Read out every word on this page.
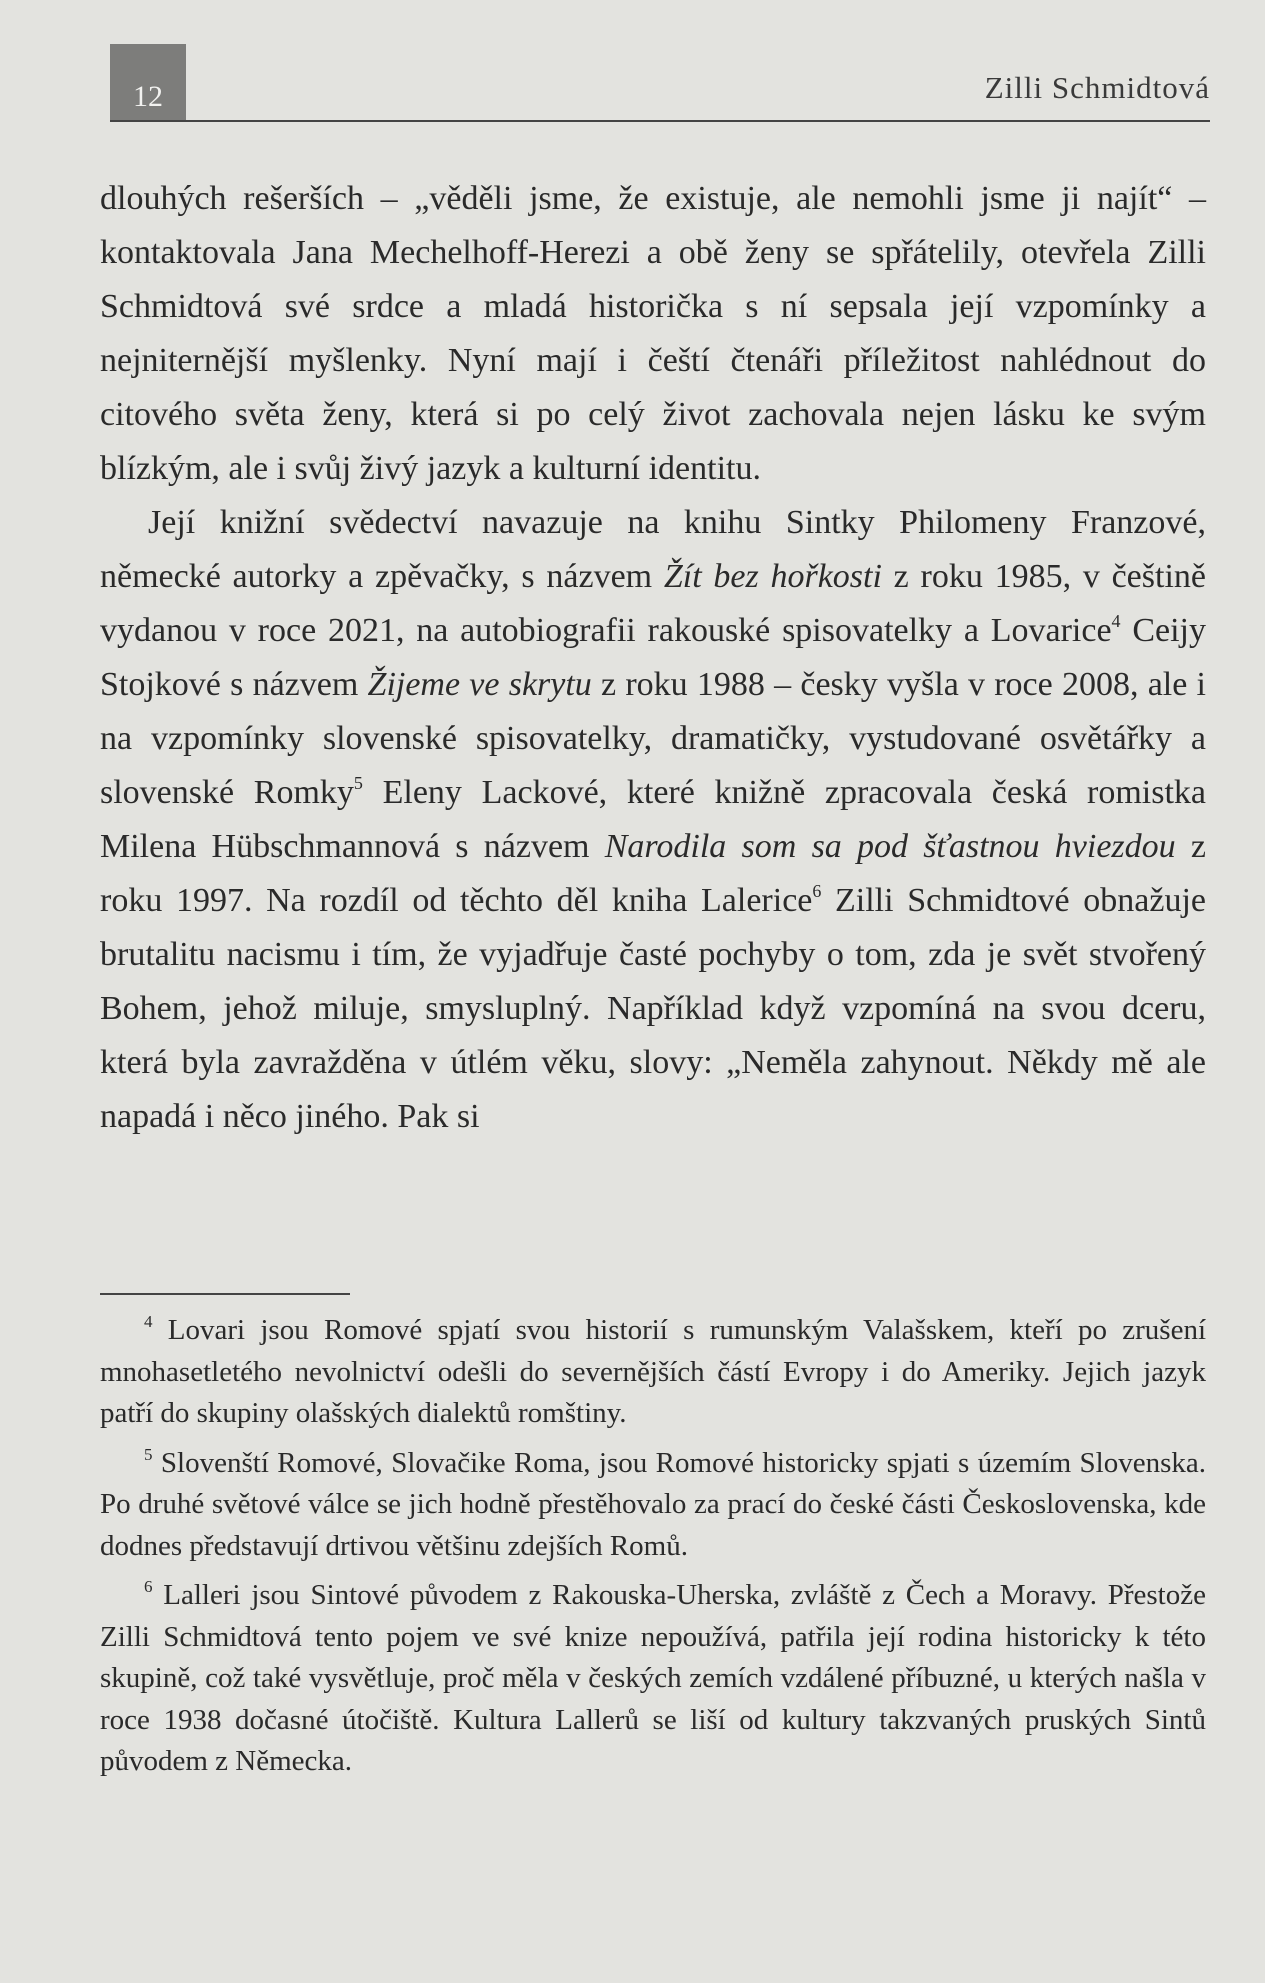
12	Zilli Schmidtová

dlouhých rešerších – „věděli jsme, že existuje, ale nemohli jsme ji najít“ – kontaktovala Jana Mechelhoff-Herezi a obě ženy se spřátelily, otevřela Zilli Schmidtová své srdce a mladá historička s ní sepsala její vzpomínky a nejniternější myšlenky. Nyní mají i čeští čtenáři příležitost nahlédnout do citového světa ženy, která si po celý život zachovala nejen lásku ke svým blízkým, ale i svůj živý jazyk a kulturní identitu.

Její knižní svědectví navazuje na knihu Sintky Philomeny Franzové, německé autorky a zpěvačky, s názvem Žít bez hořkosti z roku 1985, v češtině vydanou v roce 2021, na autobiografii rakouské spisovatelky a Lovarice$^4$ Ceijy Stojkové s názvem Žijeme ve skrytu z roku 1988 – česky vyšla v roce 2008, ale i na vzpomínky slovenské spisovatelky, dramatičky, vystudované osvětářky a slovenské Romky$^5$ Eleny Lackové, které knižně zpracovala česká romistka Milena Hübschmannová s názvem Narodila som sa pod šťastnou hviezdou z roku 1997. Na rozdíl od těchto děl kniha Lalerice$^6$ Zilli Schmidtové obnažuje brutalitu nacismu i tím, že vyjadřuje časté pochyby o tom, zda je svět stvořený Bohem, jehož miluje, smysluplný. Například když vzpomíná na svou dceru, která byla zavražděna v útlém věku, slovy: „Neměla zahynout. Někdy mě ale napadá i něco jiného. Pak si

$^4$ Lovari jsou Romové spjatí svou historií s rumunským Valašskem, kteří po zrušení mnohasetletého nevolnictví odešli do severnějších částí Evropy i do Ameriky. Jejich jazyk patří do skupiny olašských dialektů romštiny.

$^5$ Slovenští Romové, Slovačike Roma, jsou Romové historicky spjati s územím Slovenska. Po druhé světové válce se jich hodně přestěhovalo za prací do české části Československa, kde dodnes představují drtivou většinu zdejších Romů.

$^6$ Lalleri jsou Sintové původem z Rakouska-Uherska, zvláště z Čech a Moravy. Přestože Zilli Schmidtová tento pojem ve své knize nepoužívá, patřila její rodina historicky k této skupině, což také vysvětluje, proč měla v českých zemích vzdálené příbuzné, u kterých našla v roce 1938 dočasné útočiště. Kultura Lallerů se liší od kultury takzvaných pruských Sintů původem z Německa.
